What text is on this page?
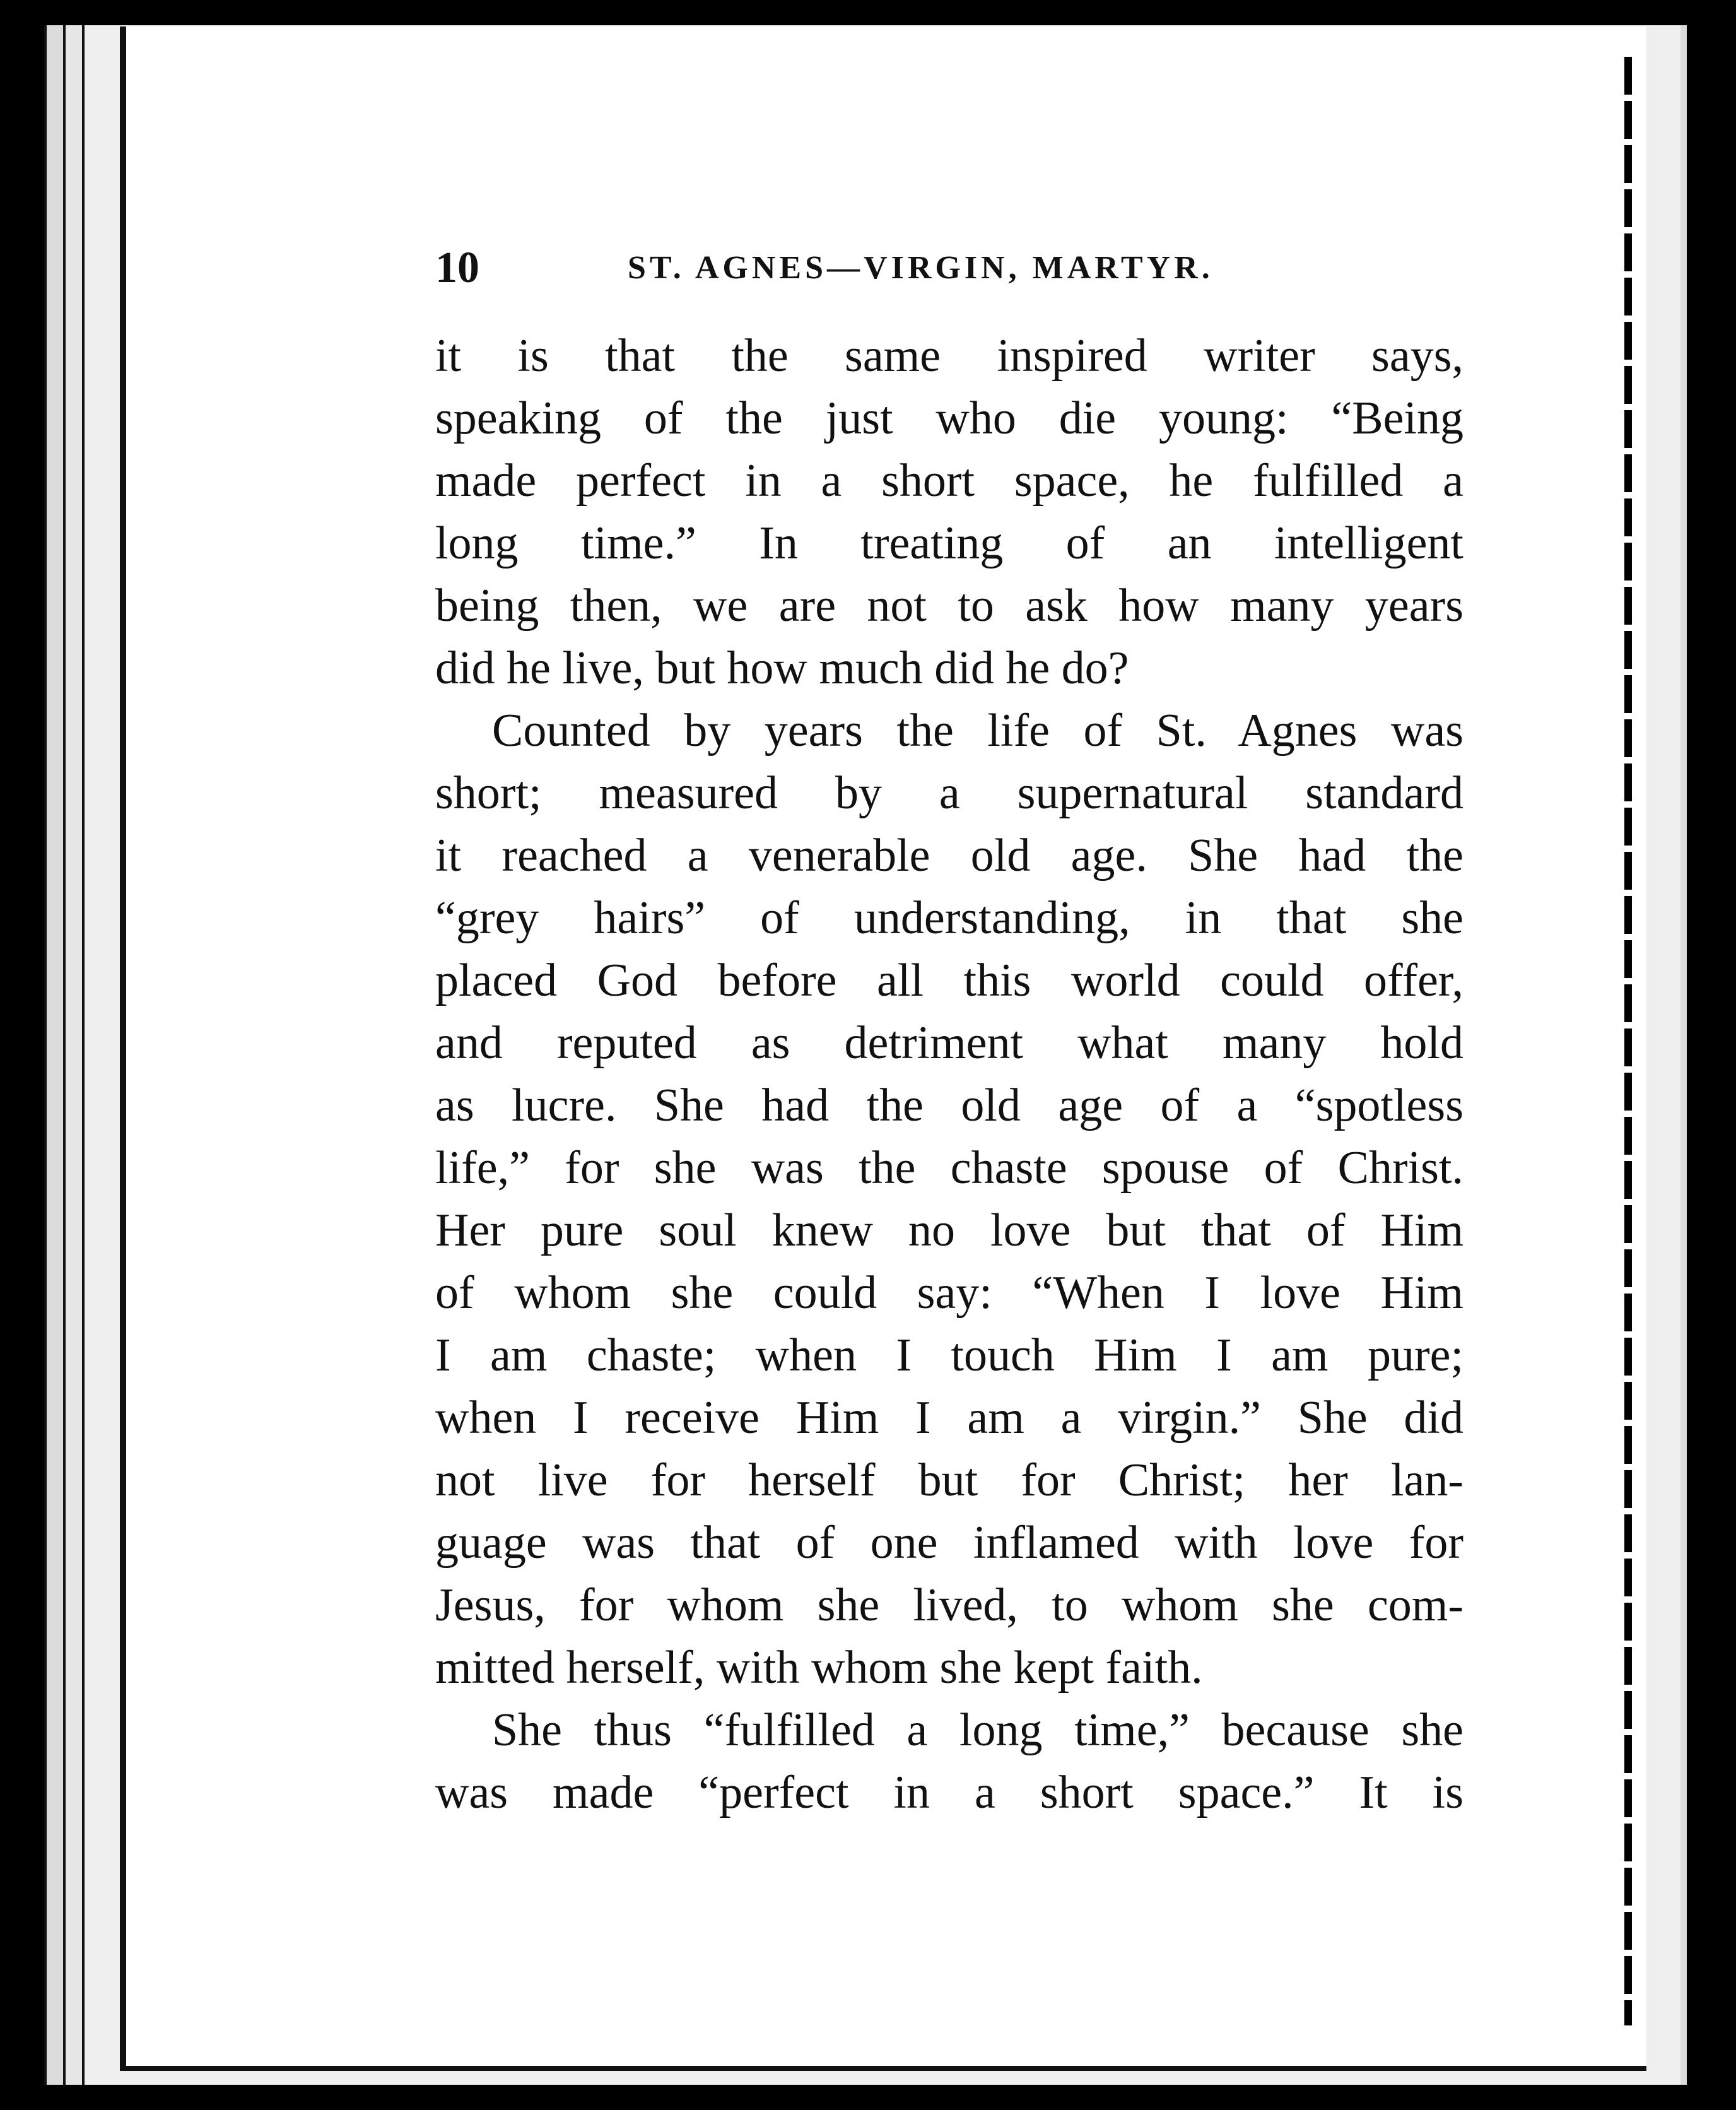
10	ST. AGNES—VIRGIN, MARTYR.
it is that the same inspired writer says,
speaking of the just who die young: “Being
made perfect in a short space, he fulfilled a
long time.” In treating of an intelligent
being then, we are not to ask how many years
did he live, but how much did he do?
Counted by years the life of St. Agnes was
short; measured by a supernatural standard
it reached a venerable old age. She had the
“grey hairs” of understanding, in that she
placed God before all this world could offer,
and reputed as detriment what many hold
as lucre. She had the old age of a “spotless
life,” for she was the chaste spouse of Christ.
Her pure soul knew no love but that of Him
of whom she could say: “When I love Him
I am chaste; when I touch Him I am pure;
when I receive Him I am a virgin.” She did
not live for herself but for Christ; her lan-
guage was that of one inflamed with love for
Jesus, for whom she lived, to whom she com-
mitted herself, with whom she kept faith.
She thus “fulfilled a long time,” because she
was made “perfect in a short space.” It is
